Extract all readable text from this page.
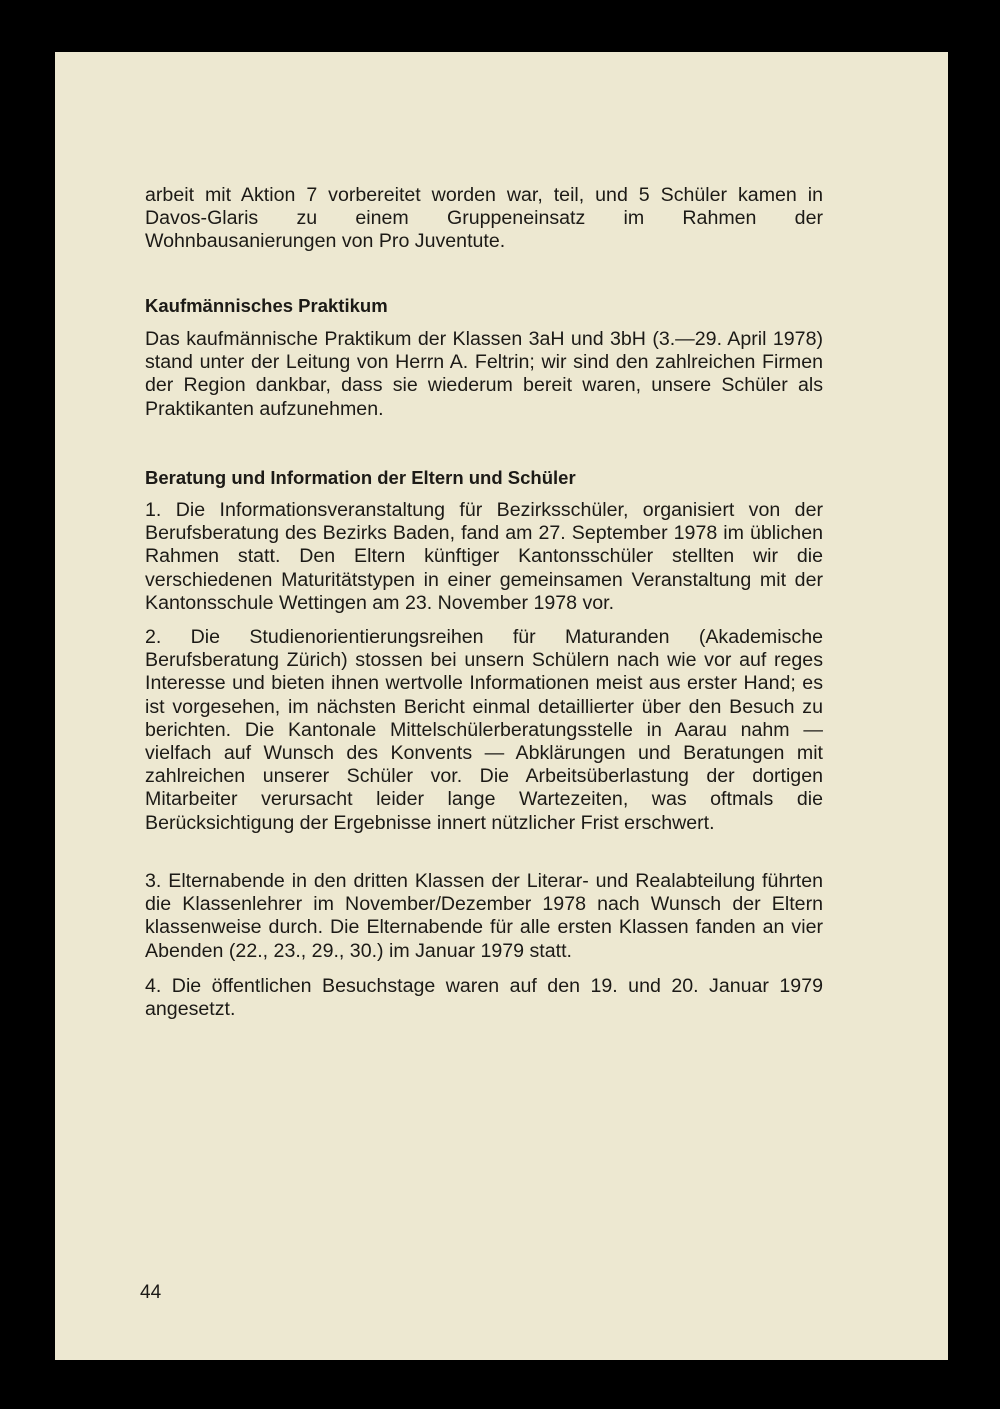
arbeit mit Aktion 7 vorbereitet worden war, teil, und 5 Schüler kamen in Davos-Glaris zu einem Gruppeneinsatz im Rahmen der Wohnbausanierungen von Pro Juventute.
Kaufmännisches Praktikum
Das kaufmännische Praktikum der Klassen 3aH und 3bH (3.—29. April 1978) stand unter der Leitung von Herrn A. Feltrin; wir sind den zahlreichen Firmen der Region dankbar, dass sie wiederum bereit waren, unsere Schüler als Praktikanten aufzunehmen.
Beratung und Information der Eltern und Schüler
1. Die Informationsveranstaltung für Bezirksschüler, organisiert von der Berufsberatung des Bezirks Baden, fand am 27. September 1978 im üblichen Rahmen statt. Den Eltern künftiger Kantonsschüler stellten wir die verschiedenen Maturitätstypen in einer gemeinsamen Veranstaltung mit der Kantonsschule Wettingen am 23. November 1978 vor.
2. Die Studienorientierungsreihen für Maturanden (Akademische Berufsberatung Zürich) stossen bei unsern Schülern nach wie vor auf reges Interesse und bieten ihnen wertvolle Informationen meist aus erster Hand; es ist vorgesehen, im nächsten Bericht einmal detaillierter über den Besuch zu berichten. Die Kantonale Mittelschülerberatungsstelle in Aarau nahm — vielfach auf Wunsch des Konvents — Abklärungen und Beratungen mit zahlreichen unserer Schüler vor. Die Arbeitsüberlastung der dortigen Mitarbeiter verursacht leider lange Wartezeiten, was oftmals die Berücksichtigung der Ergebnisse innert nützlicher Frist erschwert.
3. Elternabende in den dritten Klassen der Literar- und Realabteilung führten die Klassenlehrer im November/Dezember 1978 nach Wunsch der Eltern klassenweise durch. Die Elternabende für alle ersten Klassen fanden an vier Abenden (22., 23., 29., 30.) im Januar 1979 statt.
4. Die öffentlichen Besuchstage waren auf den 19. und 20. Januar 1979 angesetzt.
44
